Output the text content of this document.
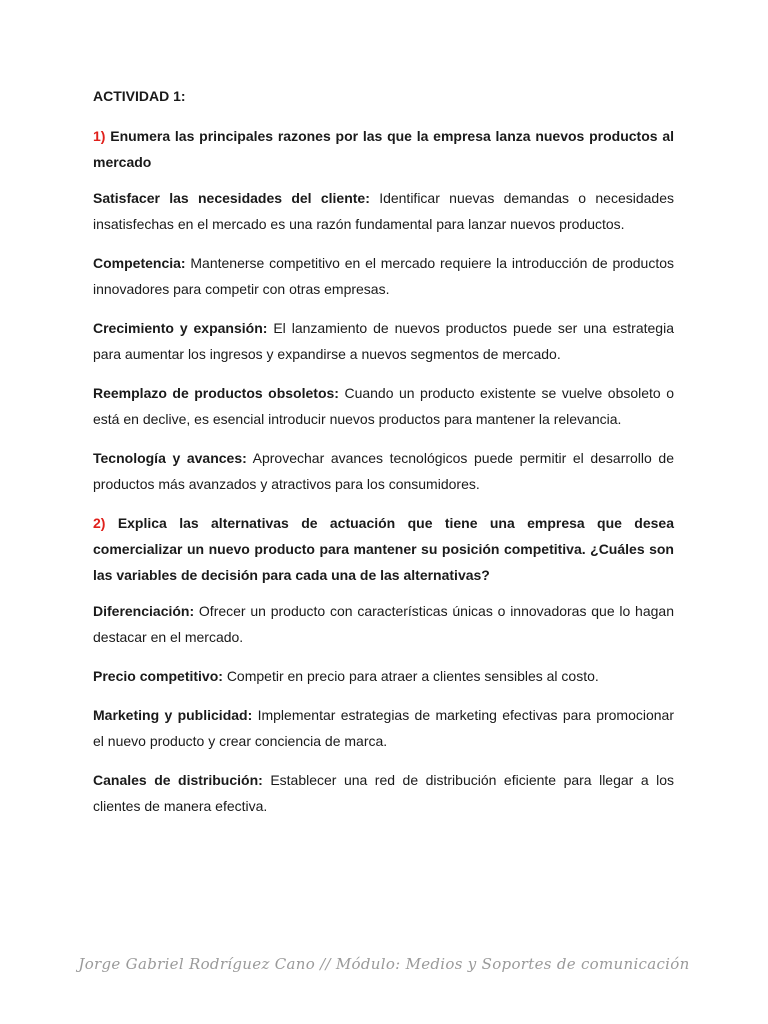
ACTIVIDAD 1:
1) Enumera las principales razones por las que la empresa lanza nuevos productos al mercado

Satisfacer las necesidades del cliente: Identificar nuevas demandas o necesidades insatisfechas en el mercado es una razón fundamental para lanzar nuevos productos.

Competencia: Mantenerse competitivo en el mercado requiere la introducción de productos innovadores para competir con otras empresas.

Crecimiento y expansión: El lanzamiento de nuevos productos puede ser una estrategia para aumentar los ingresos y expandirse a nuevos segmentos de mercado.

Reemplazo de productos obsoletos: Cuando un producto existente se vuelve obsoleto o está en declive, es esencial introducir nuevos productos para mantener la relevancia.

Tecnología y avances: Aprovechar avances tecnológicos puede permitir el desarrollo de productos más avanzados y atractivos para los consumidores.

2) Explica las alternativas de actuación que tiene una empresa que desea comercializar un nuevo producto para mantener su posición competitiva. ¿Cuáles son las variables de decisión para cada una de las alternativas?

Diferenciación: Ofrecer un producto con características únicas o innovadoras que lo hagan destacar en el mercado.

Precio competitivo: Competir en precio para atraer a clientes sensibles al costo.

Marketing y publicidad: Implementar estrategias de marketing efectivas para promocionar el nuevo producto y crear conciencia de marca.

Canales de distribución: Establecer una red de distribución eficiente para llegar a los clientes de manera efectiva.

Jorge Gabriel Rodríguez Cano // Módulo: Medios y Soportes de comunicación
